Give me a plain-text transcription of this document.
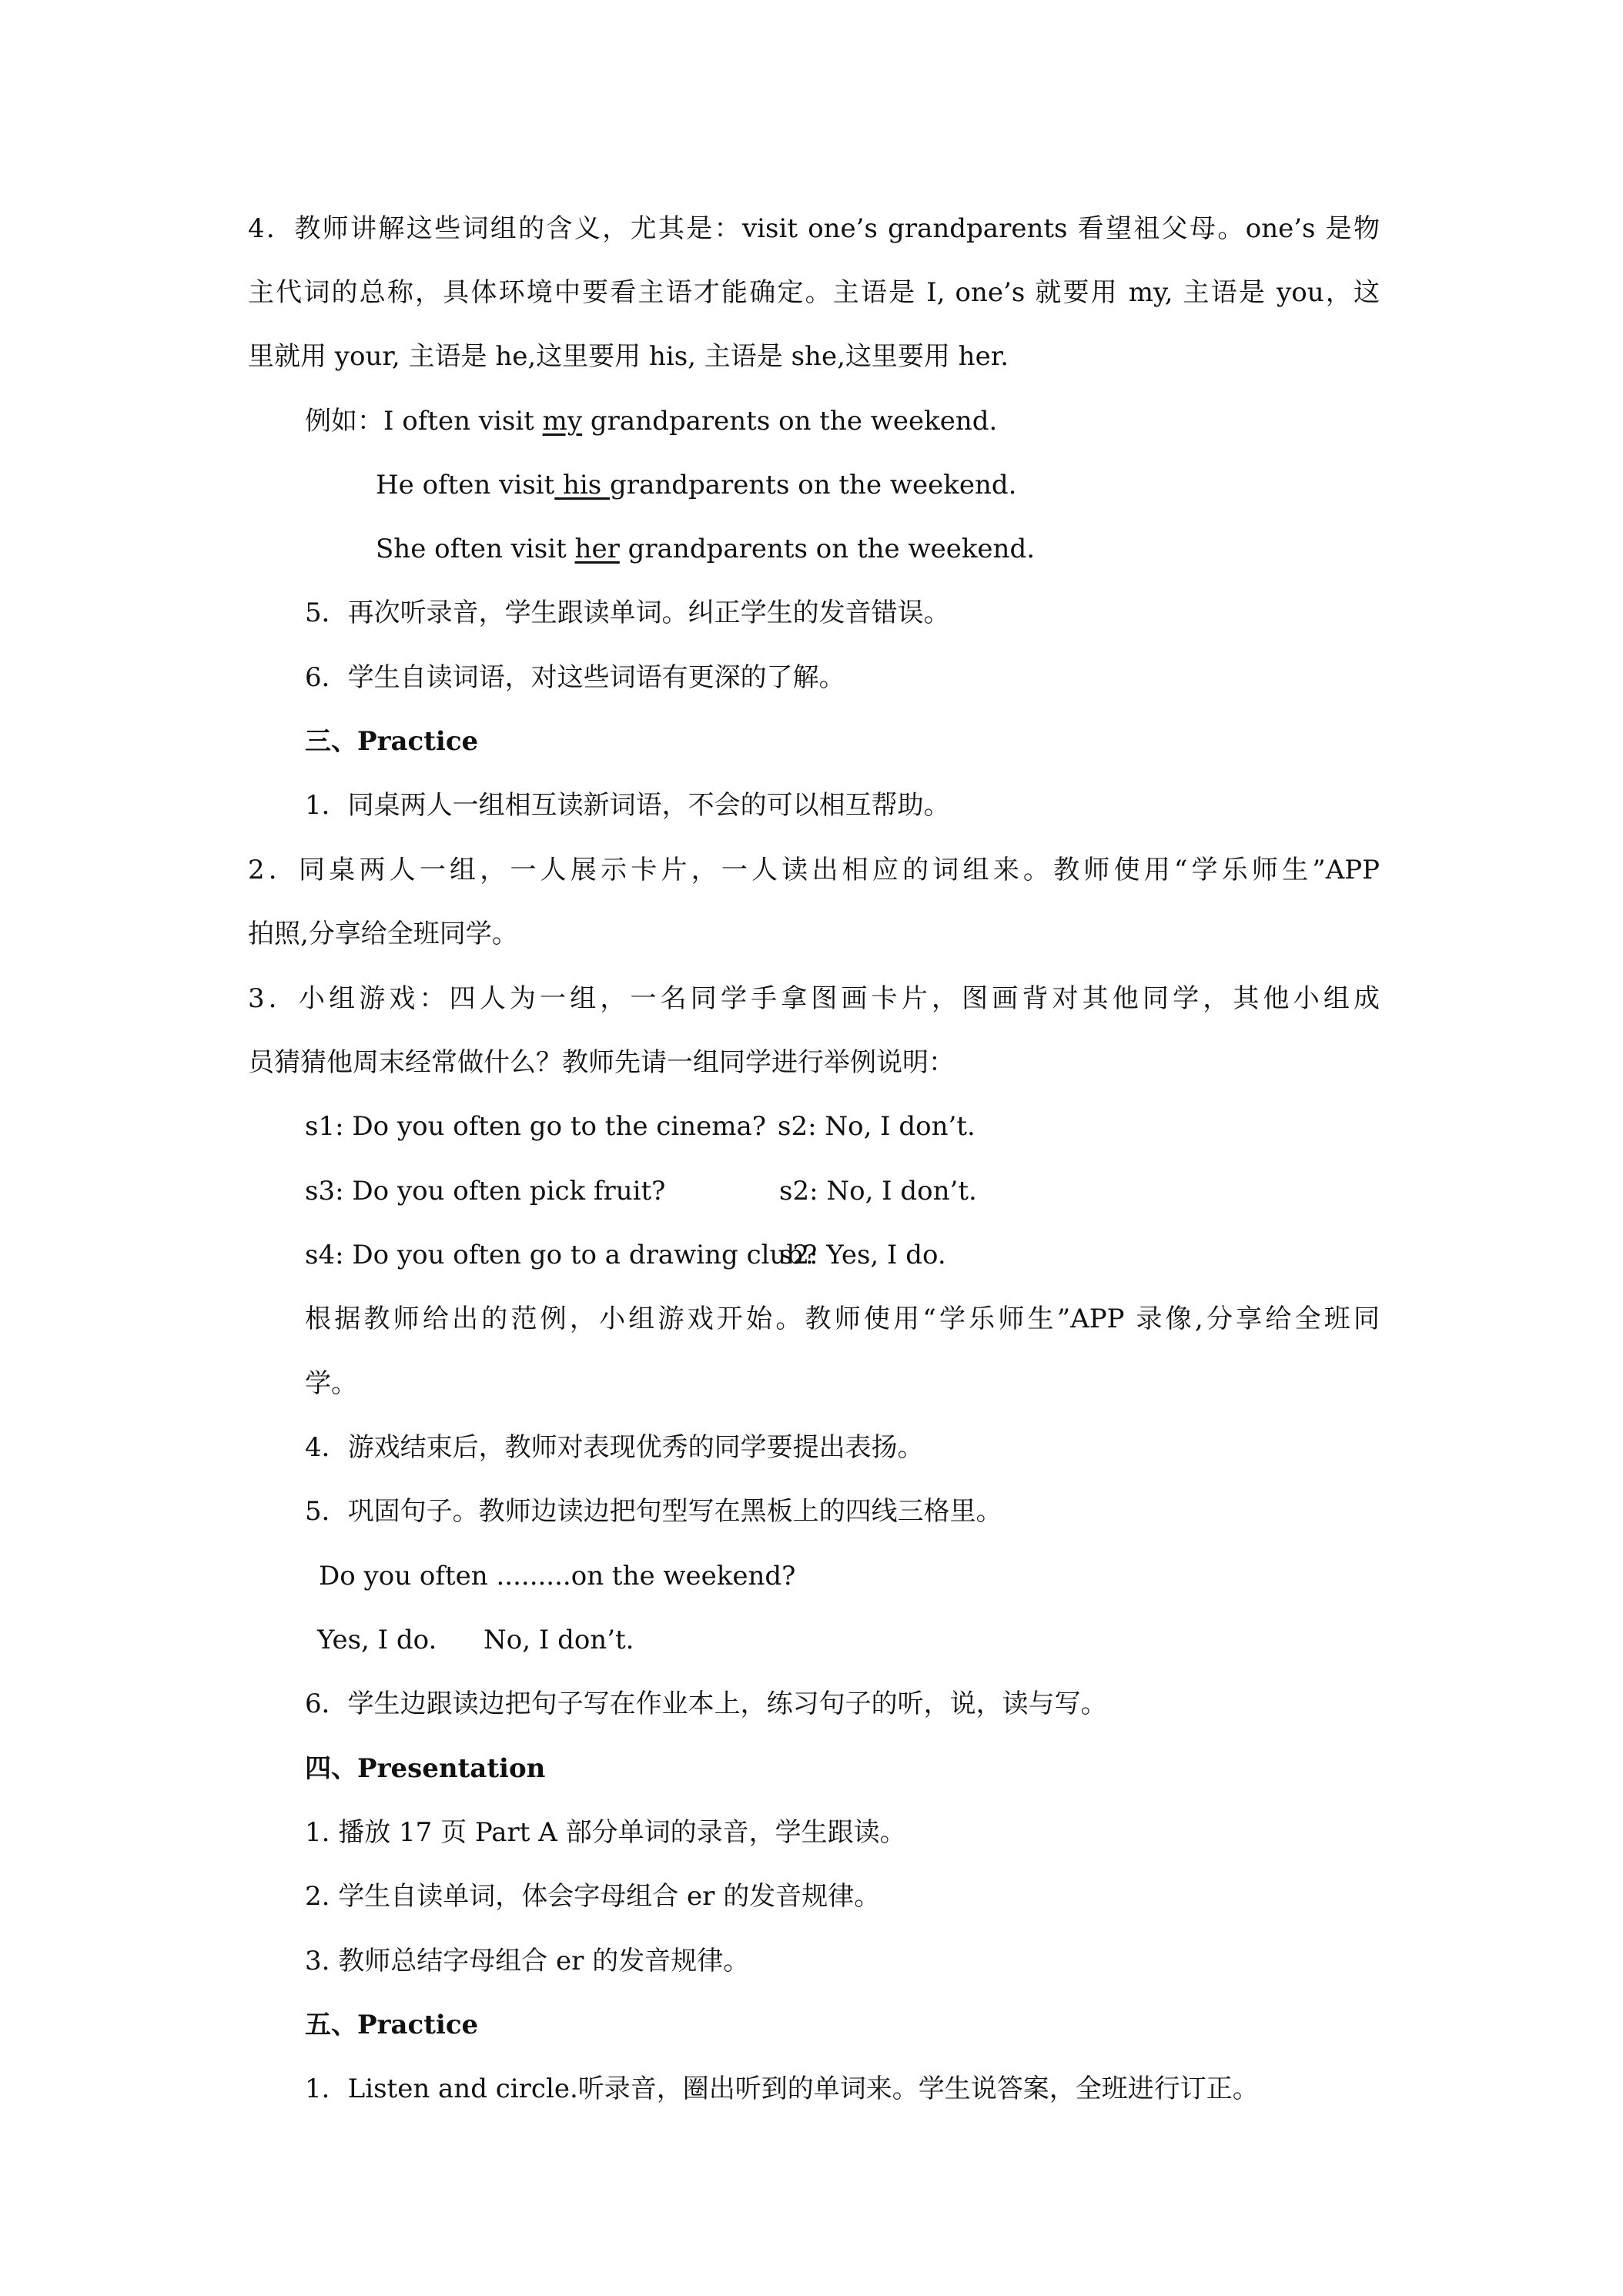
4．教师讲解这些词组的含义，尤其是：visit one’s grandparents 看望祖父母。one’s 是物
主代词的总称，具体环境中要看主语才能确定。主语是 I, one’s 就要用 my, 主语是 you，这
里就用 your, 主语是 he,这里要用 his, 主语是 she,这里要用 her.
例如：I often visit my grandparents on the weekend.
He often visit his grandparents on the weekend.
She often visit her grandparents on the weekend.
5．再次听录音，学生跟读单词。纠正学生的发音错误。
6．学生自读词语，对这些词语有更深的了解。
三、Practice
1．同桌两人一组相互读新词语，不会的可以相互帮助。
2．同桌两人一组，一人展示卡片，一人读出相应的词组来。教师使用“学乐师生”APP
拍照,分享给全班同学。
3．小组游戏：四人为一组，一名同学手拿图画卡片，图画背对其他同学，其他小组成
员猜猜他周末经常做什么？教师先请一组同学进行举例说明：
s1: Do you often go to the cinema? s2: No, I don’t.
s3: Do you often pick fruit?	s2: No, I don’t.
s4: Do you often go to a drawing club?
s2: Yes, I do.
根据教师给出的范例，小组游戏开始。教师使用“学乐师生”APP 录像,分享给全班同
学。
4．游戏结束后，教师对表现优秀的同学要提出表扬。
5．巩固句子。教师边读边把句型写在黑板上的四线三格里。
Do you often .........on the weekend?
Yes, I do. No, I don’t.
6．学生边跟读边把句子写在作业本上，练习句子的听，说，读与写。
四、Presentation
1. 播放 17 页 Part A 部分单词的录音，学生跟读。
2. 学生自读单词，体会字母组合 er 的发音规律。
3. 教师总结字母组合 er 的发音规律。
五、Practice
1．Listen and circle.听录音，圈出听到的单词来。学生说答案，全班进行订正。
